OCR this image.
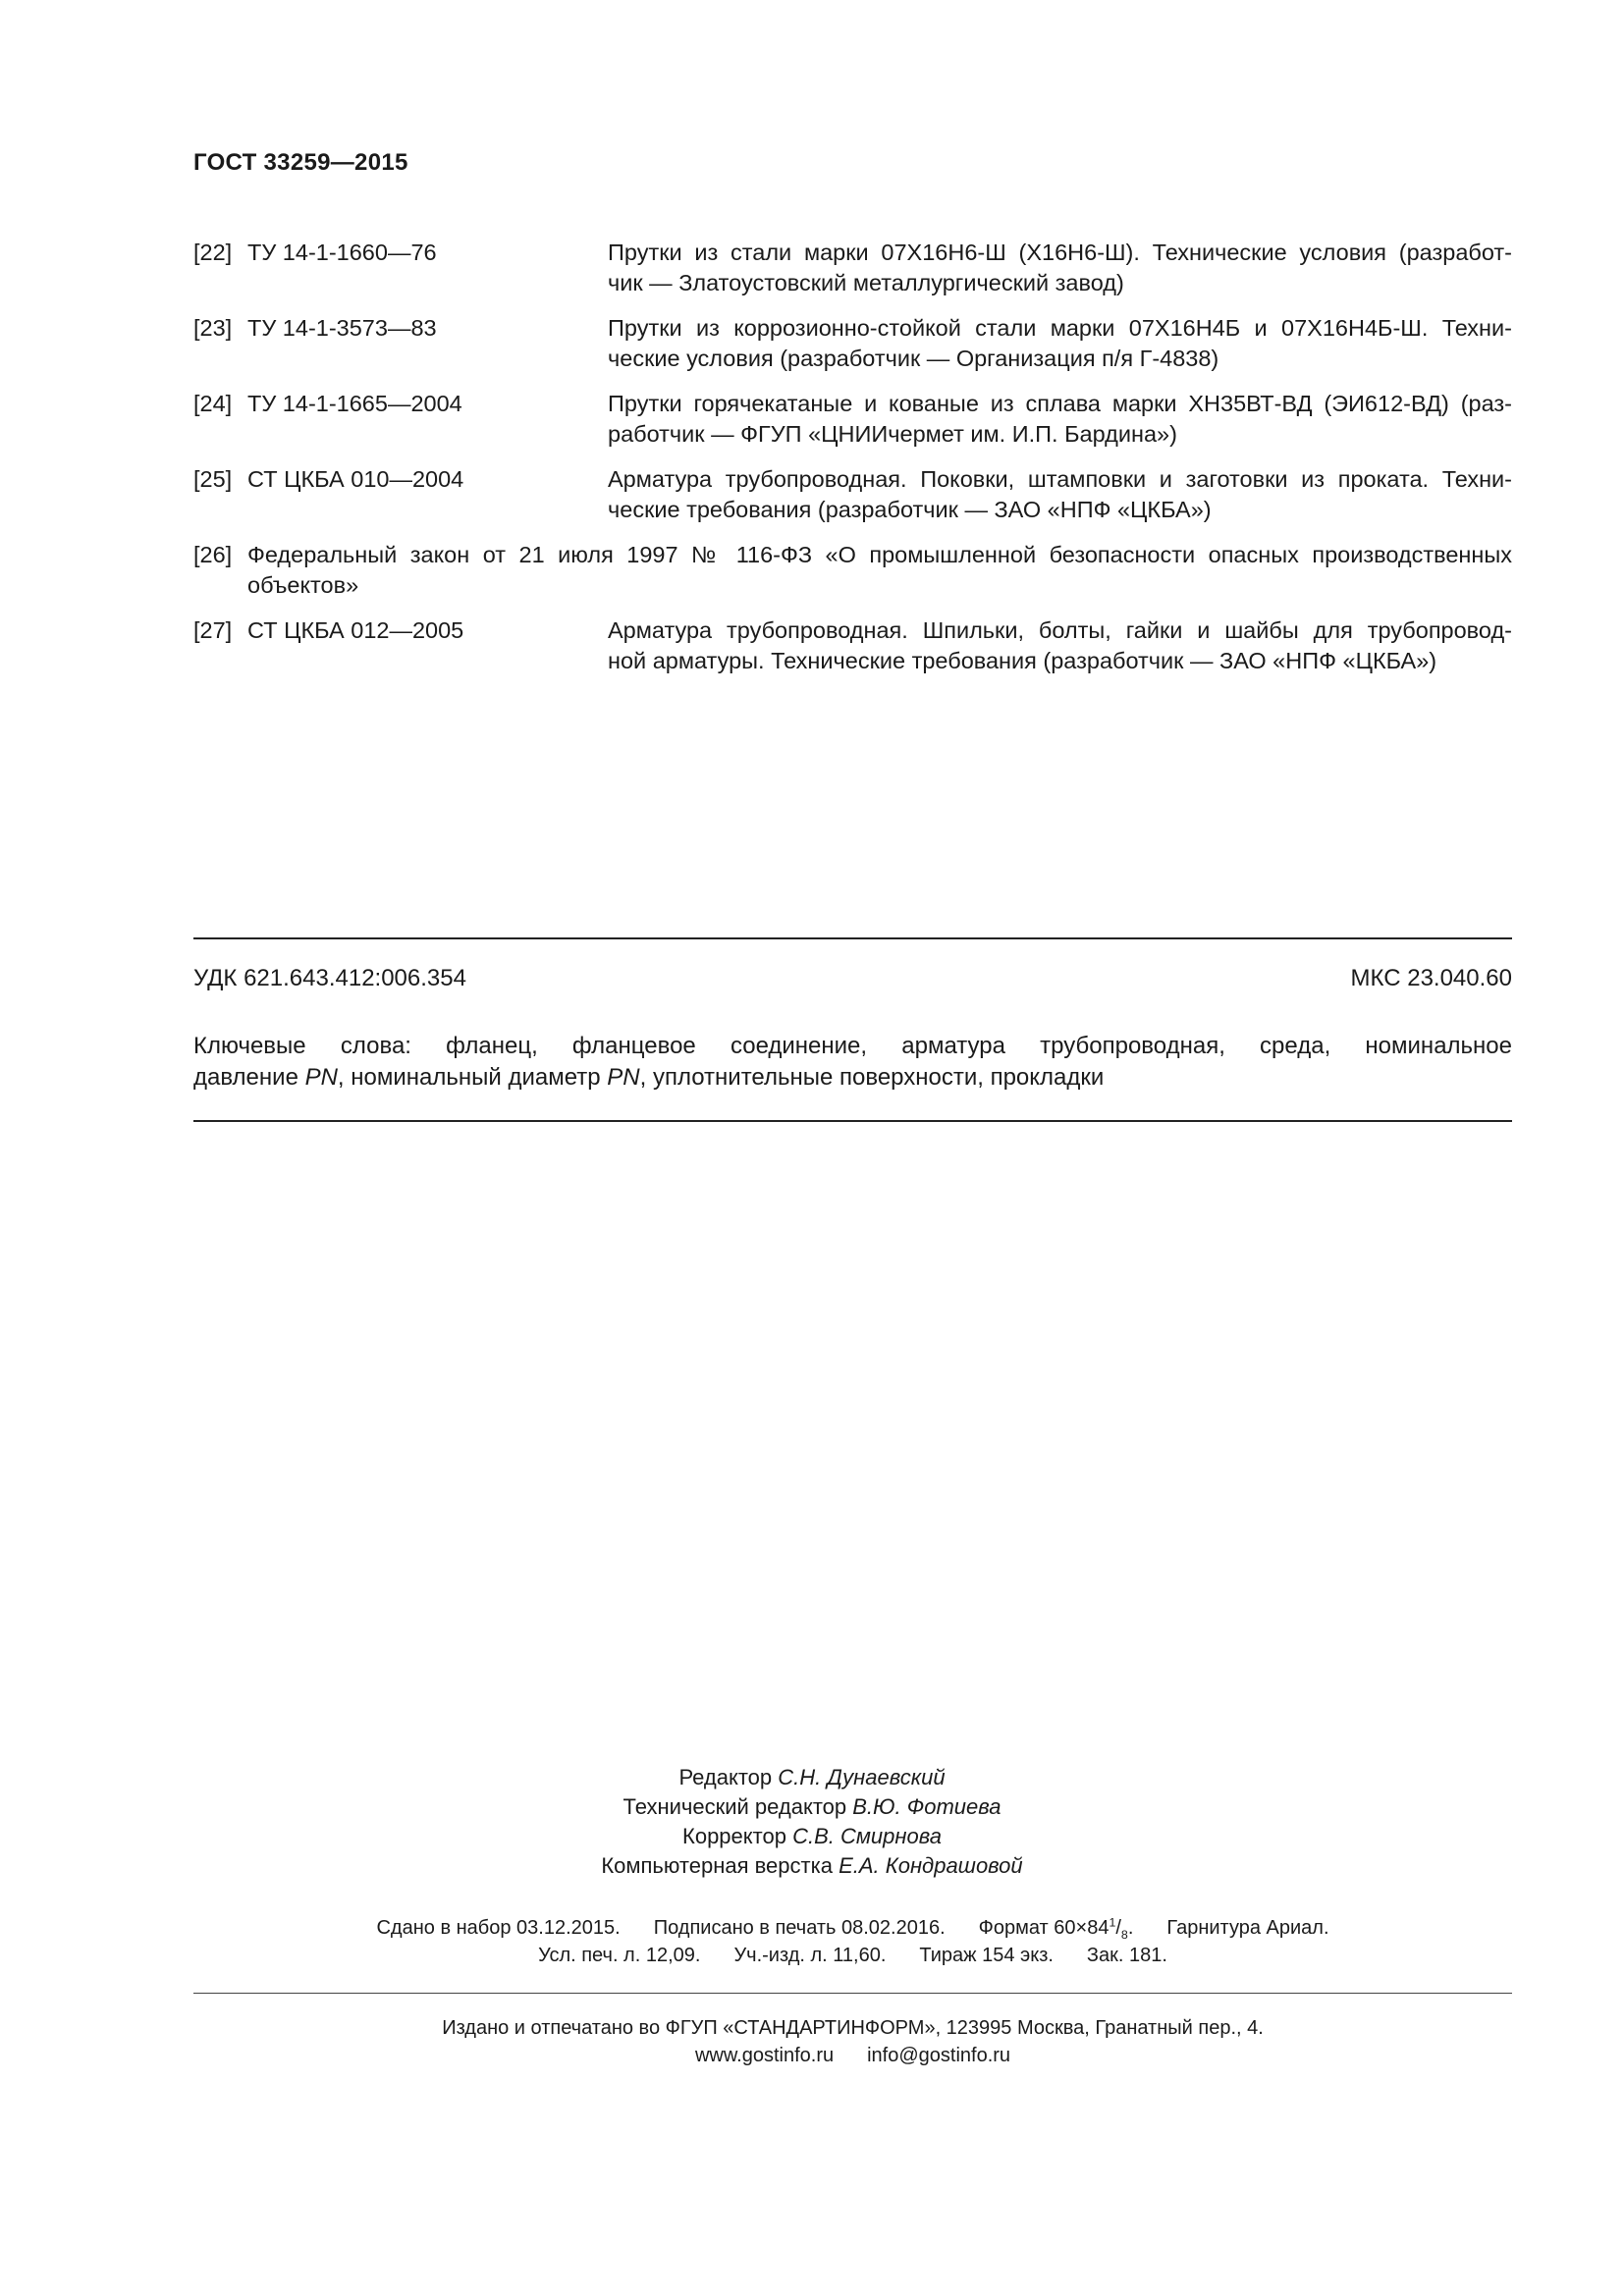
ГОСТ 33259—2015
[22] ТУ 14-1-1660—76	Прутки из стали марки 07Х16Н6-Ш (Х16Н6-Ш). Технические условия (разработ-
чик — Златоустовский металлургический завод)
[23] ТУ 14-1-3573—83	Прутки из коррозионно-стойкой стали марки 07Х16Н4Б и 07Х16Н4Б-Ш. Техни-
ческие условия (разработчик — Организация п/я Г-4838)
[24] ТУ 14-1-1665—2004	Прутки горячекатаные и кованые из сплава марки ХН35ВТ-ВД (ЭИ612-ВД) (раз-
работчик — ФГУП «ЦНИИчермет им. И.П. Бардина»)
[25] СТ ЦКБА 010—2004	Арматура трубопроводная. Поковки, штамповки и заготовки из проката. Техни-
ческие требования (разработчик — ЗАО «НПФ «ЦКБА»)
[26] Федеральный закон от 21 июля 1997 № 116-ФЗ «О промышленной безопасности опасных производственных
объектов»
[27] СТ ЦКБА 012—2005	Арматура трубопроводная. Шпильки, болты, гайки и шайбы для трубопровод-
ной арматуры. Технические требования (разработчик — ЗАО «НПФ «ЦКБА»)
УДК 621.643.412:006.354	МКС 23.040.60
Ключевые слова: фланец, фланцевое соединение, арматура трубопроводная, среда, номинальное
давление PN, номинальный диаметр PN, уплотнительные поверхности, прокладки
Редактор С.Н. Дунаевский
Технический редактор В.Ю. Фотиева
Корректор С.В. Смирнова
Компьютерная верстка Е.А. Кондрашовой
Сдано в набор 03.12.2015. Подписано в печать 08.02.2016. Формат $60\times 84^1/_8$. Гарнитура Ариал.
Усл. печ. л. 12,09. Уч.-изд. л. 11,60. Тираж 154 экз. Зак. 181.
Издано и отпечатано во ФГУП «СТАНДАРТИНФОРМ», 123995 Москва, Гранатный пер., 4.
www.gostinfo.ru info@gostinfo.ru
